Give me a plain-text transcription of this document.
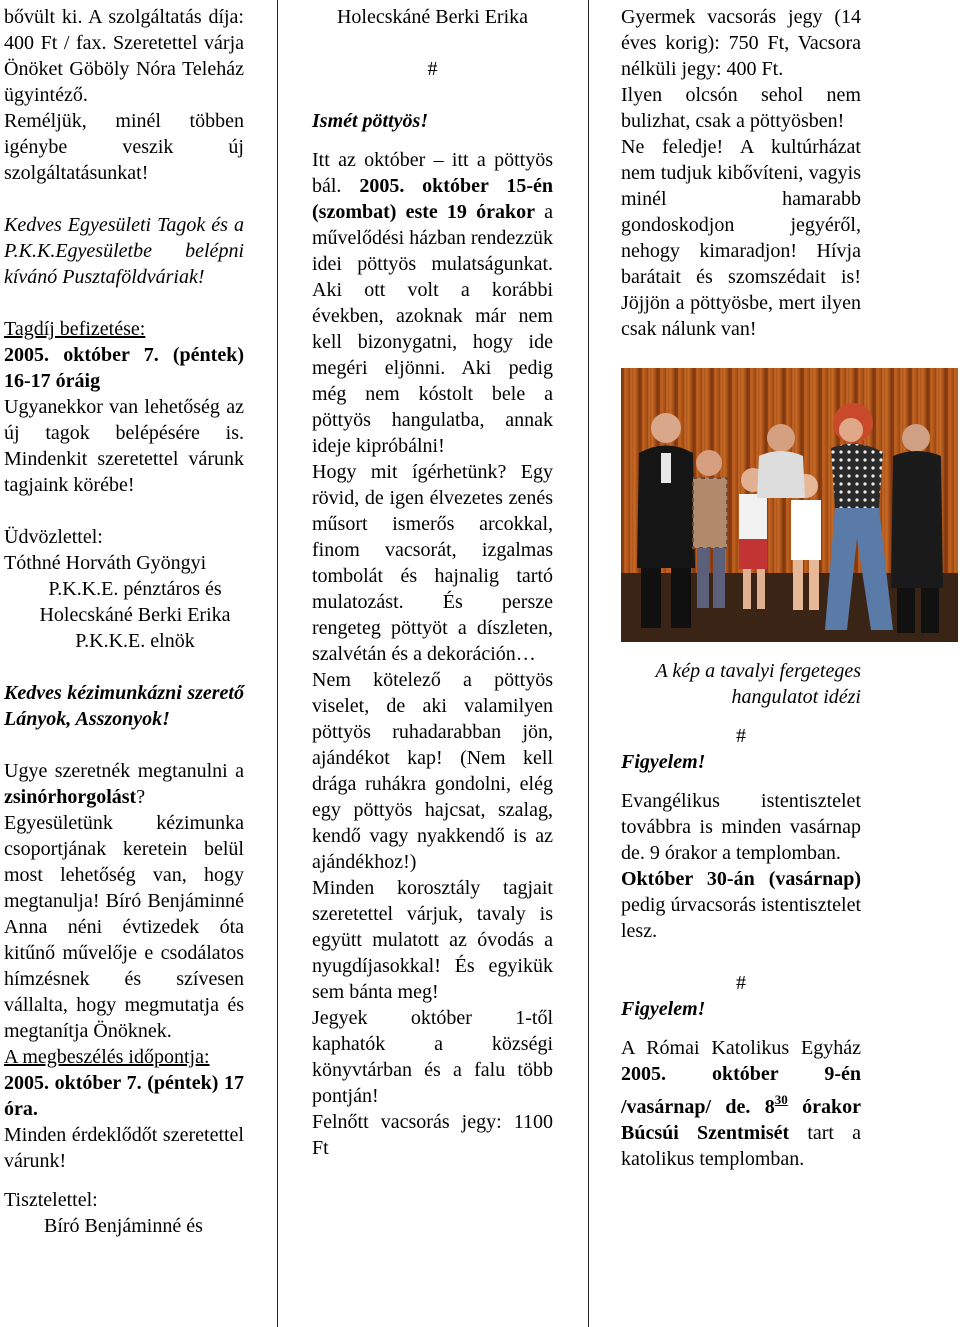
bővült ki. A szolgáltatás díja: 400 Ft / fax. Szeretettel várja Önöket Göböly Nóra Teleház ügyintéző.

Reméljük, minél többen igénybe veszik új szolgáltatásunkat!

Kedves Egyesületi Tagok és a P.K.K.Egyesületbe belépni kívánó Pusztaföldváriak!

Tagdíj befizetése:

2005. október 7. (péntek) 16-17 óráig

Ugyanekkor van lehetőség az új tagok belépésére is. Mindenkit szeretettel várunk tagjaink körébe!

Üdvözlettel:

Tóthné Horváth Gyöngyi

P.K.K.E. pénztáros és

Holecskáné Berki Erika

P.K.K.E. elnök

Kedves kézimunkázni szerető Lányok, Asszonyok!

Ugye szeretnék megtanulni a zsinórhorgolást?

Egyesületünk kézimunka csoportjának keretein belül most lehetőség van, hogy megtanulja! Bíró Benjáminné Anna néni évtizedek óta kitűnő művelője e csodálatos hímzésnek és szívesen vállalta, hogy megmutatja és megtanítja Önöknek.

A megbeszélés időpontja:

2005. október 7. (péntek) 17 óra.

Minden érdeklődőt szeretettel várunk!

Tisztelettel:

Bíró Benjáminné és

Holecskáné Berki Erika

#

Ismét pöttyös!

Itt az október – itt a pöttyös bál. 2005. október 15-én (szombat) este 19 órakor a művelődési házban rendezzük idei pöttyös mulatságunkat. Aki ott volt a korábbi években, azoknak már nem kell bizonygatni, hogy ide megéri eljönni. Aki pedig még nem kóstolt bele a pöttyös hangulatba, annak ideje kipróbálni!

Hogy mit ígérhetünk? Egy rövid, de igen élvezetes zenés műsort ismerős arcokkal, finom vacsorát, izgalmas tombolát és hajnalig tartó mulatozást. És persze rengeteg pöttyöt a díszleten, szalvétán és a dekoráción…

Nem kötelező a pöttyös viselet, de aki valamilyen pöttyös ruhadarabban jön, ajándékot kap! (Nem kell drága ruhákra gondolni, elég egy pöttyös hajcsat, szalag, kendő vagy nyakkendő is az ajándékhoz!)

Minden korosztály tagjait szeretettel várjuk, tavaly is együtt mulatott az óvodás a nyugdíjasokkal! És egyikük sem bánta meg!

Jegyek október 1-től kaphatók a községi könyvtárban és a falu több pontján!

Felnőtt vacsorás jegy: 1100 Ft

Gyermek vacsorás jegy (14 éves korig): 750 Ft, Vacsora nélküli jegy: 400 Ft.

Ilyen olcsón sehol nem bulizhat, csak a pöttyösben!

Ne feledje! A kultúrházat nem tudjuk kibővíteni, vagyis minél hamarabb gondoskodjon jegyéről, nehogy kimaradjon! Hívja barátait és szomszédait is! Jöjjön a pöttyösbe, mert ilyen csak nálunk van!

A kép a tavalyi fergeteges hangulatot idézi

#

Figyelem!

Evangélikus istentisztelet továbbra is minden vasárnap de. 9 órakor a templomban.

Október 30-án (vasárnap) pedig úrvacsorás istentisztelet lesz.

#

Figyelem!

A Római Katolikus Egyház 2005. október 9-én /vasárnap/ de. $8^{30}$ órakor Búcsúi Szentmisét tart a katolikus templomban.
